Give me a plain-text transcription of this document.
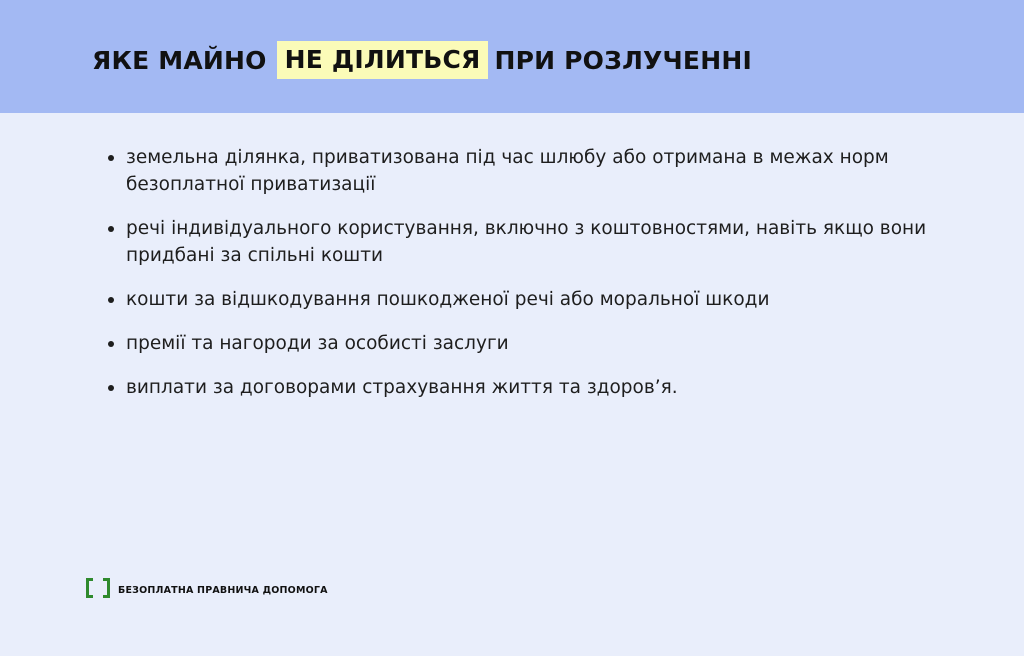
ЯКЕ МАЙНО НЕ ДІЛИТЬСЯ ПРИ РОЗЛУЧЕННІ
земельна ділянка, приватизована під час шлюбу або отримана в межах норм безоплатної приватизації
речі індивідуального користування, включно з коштовностями, навіть якщо вони придбані за спільні кошти
кошти за відшкодування пошкодженої речі або моральної шкоди
премії та нагороди за особисті заслуги
виплати за договорами страхування життя та здоров’я.
БЕЗОПЛАТНА ПРАВНИЧА ДОПОМОГА
